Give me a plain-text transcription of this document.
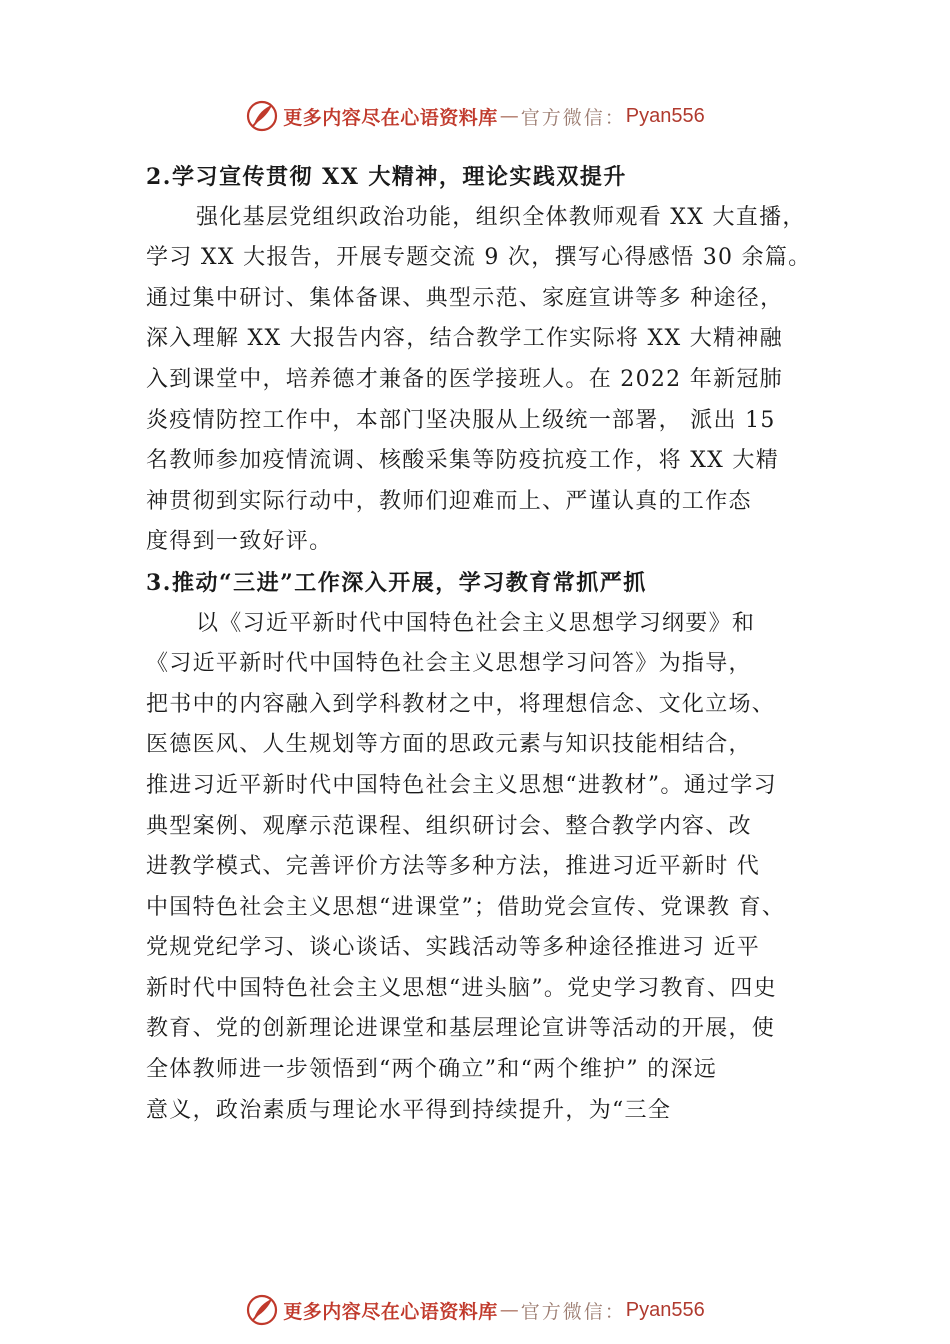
更多内容尽在心语资料库 — 官方微信： Pyan556
2.学习宣传贯彻 XX 大精神，理论实践双提升
强化基层党组织政治功能，组织全体教师观看 XX 大直播，
学习 XX 大报告，开展专题交流 9 次，撰写心得感悟 30 余篇。
通过集中研讨、集体备课、典型示范、家庭宣讲等多 种途径，
深入理解 XX 大报告内容，结合教学工作实际将 XX 大精神融
入到课堂中，培养德才兼备的医学接班人。在 2022 年新冠肺
炎疫情防控工作中，本部门坚决服从上级统一部署， 派出 15
名教师参加疫情流调、核酸采集等防疫抗疫工作，将 XX 大精
神贯彻到实际行动中，教师们迎难而上、严谨认真的工作态
度得到一致好评。
3.推动“三进”工作深入开展，学习教育常抓严抓
以《习近平新时代中国特色社会主义思想学习纲要》和
《习近平新时代中国特色社会主义思想学习问答》为指导，
把书中的内容融入到学科教材之中，将理想信念、文化立场、
医德医风、人生规划等方面的思政元素与知识技能相结合，
推进习近平新时代中国特色社会主义思想“进教材”。通过学习
典型案例、观摩示范课程、组织研讨会、整合教学内容、改
进教学模式、完善评价方法等多种方法，推进习近平新时 代
中国特色社会主义思想“进课堂”；借助党会宣传、党课教 育、
党规党纪学习、谈心谈话、实践活动等多种途径推进习 近平
新时代中国特色社会主义思想“进头脑”。党史学习教育、四史
教育、党的创新理论进课堂和基层理论宣讲等活动的开展，使
全体教师进一步领悟到“两个确立”和“两个维护” 的深远
意义，政治素质与理论水平得到持续提升，为“三全
更多内容尽在心语资料库 — 官方微信： Pyan556
